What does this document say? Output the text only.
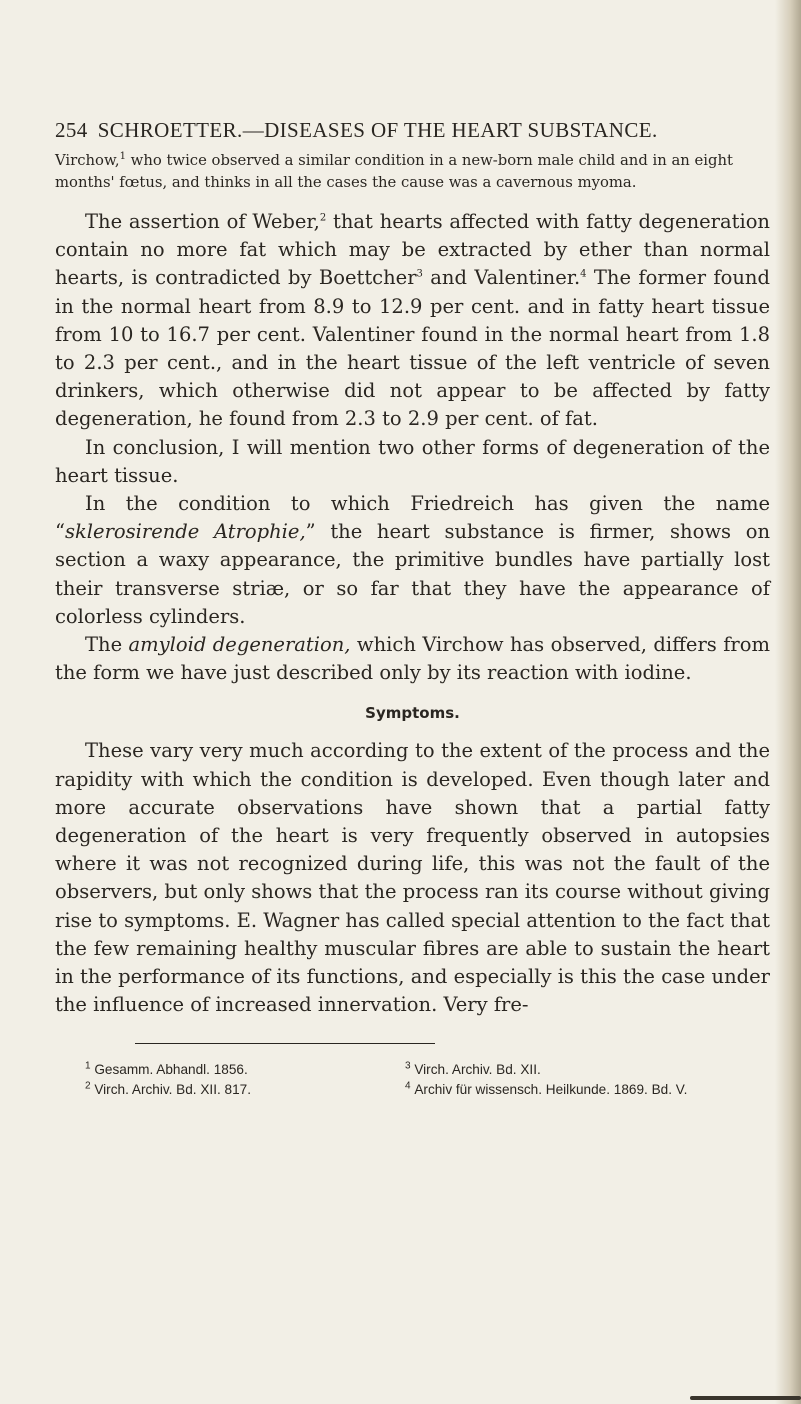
254 SCHROETTER.—DISEASES OF THE HEART SUBSTANCE.

Virchow,$^1$ who twice observed a similar condition in a new-born male child and in an eight months' fœtus, and thinks in all the cases the cause was a cavernous myoma.

The assertion of Weber,$^2$ that hearts affected with fatty degeneration contain no more fat which may be extracted by ether than normal hearts, is contradicted by Boettcher$^3$ and Valentiner.$^4$ The former found in the normal heart from 8.9 to 12.9 per cent. and in fatty heart tissue from 10 to 16.7 per cent. Valentiner found in the normal heart from 1.8 to 2.3 per cent., and in the heart tissue of the left ventricle of seven drinkers, which otherwise did not appear to be affected by fatty degeneration, he found from 2.3 to 2.9 per cent. of fat.

In conclusion, I will mention two other forms of degeneration of the heart tissue.

In the condition to which Friedreich has given the name “sklerosirende Atrophie,” the heart substance is firmer, shows on section a waxy appearance, the primitive bundles have partially lost their transverse striæ, or so far that they have the appearance of colorless cylinders.

The amyloid degeneration, which Virchow has observed, differs from the form we have just described only by its reaction with iodine.

Symptoms.

These vary very much according to the extent of the process and the rapidity with which the condition is developed. Even though later and more accurate observations have shown that a partial fatty degeneration of the heart is very frequently observed in autopsies where it was not recognized during life, this was not the fault of the observers, but only shows that the process ran its course without giving rise to symptoms. E. Wagner has called special attention to the fact that the few remaining healthy muscular fibres are able to sustain the heart in the performance of its functions, and especially is this the case under the influence of increased innervation. Very fre-

$^1$ Gesamm. Abhandl. 1856.	$^3$ Virch. Archiv. Bd. XII.
$^2$ Virch. Archiv. Bd. XII. 817.	$^4$ Archiv für wissensch. Heilkunde. 1869. Bd. V.
